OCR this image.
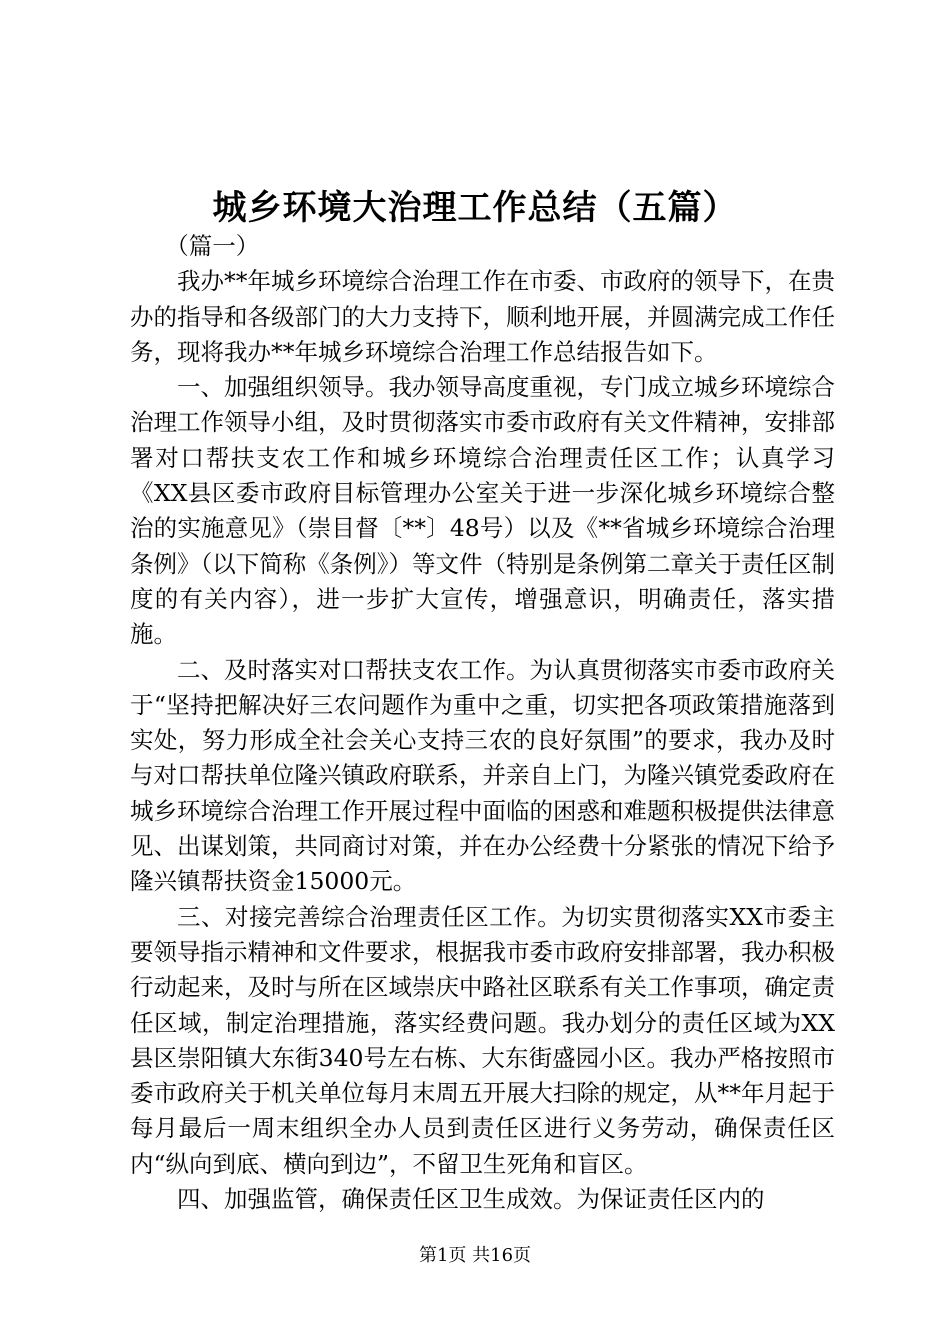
城乡环境大治理工作总结（五篇）

（篇一）

我办**年城乡环境综合治理工作在市委、市政府的领导下，在贵办的指导和各级部门的大力支持下，顺利地开展，并圆满完成工作任务，现将我办**年城乡环境综合治理工作总结报告如下。

一、加强组织领导。我办领导高度重视，专门成立城乡环境综合治理工作领导小组，及时贯彻落实市委市政府有关文件精神，安排部署对口帮扶支农工作和城乡环境综合治理责任区工作；认真学习《XX县区委市政府目标管理办公室关于进一步深化城乡环境综合整治的实施意见》（崇目督〔**〕48号）以及《**省城乡环境综合治理条例》（以下简称《条例》）等文件（特别是条例第二章关于责任区制度的有关内容），进一步扩大宣传，增强意识，明确责任，落实措施。

二、及时落实对口帮扶支农工作。为认真贯彻落实市委市政府关于“坚持把解决好三农问题作为重中之重，切实把各项政策措施落到实处，努力形成全社会关心支持三农的良好氛围”的要求，我办及时与对口帮扶单位隆兴镇政府联系，并亲自上门，为隆兴镇党委政府在城乡环境综合治理工作开展过程中面临的困惑和难题积极提供法律意见、出谋划策，共同商讨对策，并在办公经费十分紧张的情况下给予隆兴镇帮扶资金15000元。

三、对接完善综合治理责任区工作。为切实贯彻落实XX市委主要领导指示精神和文件要求，根据我市委市政府安排部署，我办积极行动起来，及时与所在区域崇庆中路社区联系有关工作事项，确定责任区域，制定治理措施，落实经费问题。我办划分的责任区域为XX县区崇阳镇大东街340号左右栋、大东街盛园小区。我办严格按照市委市政府关于机关单位每月末周五开展大扫除的规定，从**年月起于每月最后一周末组织全办人员到责任区进行义务劳动，确保责任区内“纵向到底、横向到边”，不留卫生死角和盲区。

四、加强监管，确保责任区卫生成效。为保证责任区内的

第1页 共16页
